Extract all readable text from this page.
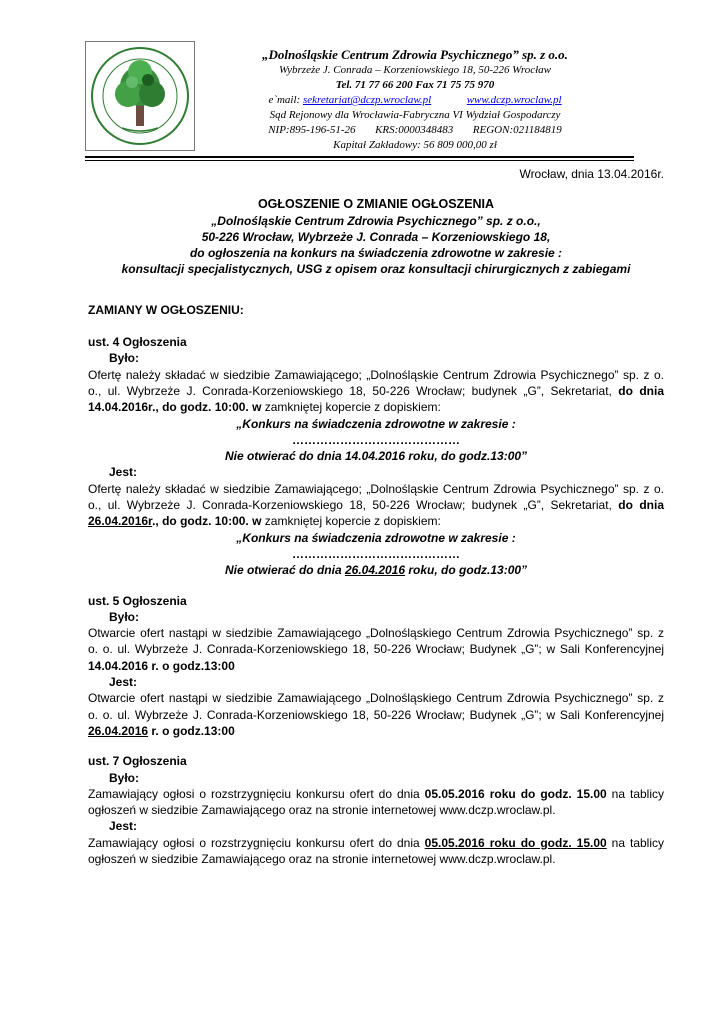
„Dolnośląskie Centrum Zdrowia Psychicznego” sp. z o.o.
Wybrzeże J. Conrada – Korzeniowskiego 18, 50-226 Wrocław
Tel. 71 77 66 200 Fax 71 75 75 970
e`mail: sekretariat@dczp.wroclaw.pl	www.dczp.wroclaw.pl
Sąd Rejonowy dla Wrocławia-Fabryczna VI Wydział Gospodarczy
NIP:895-196-51-26 KRS:0000348483 REGON:021184819
Kapitał Zakładowy: 56 809 000,00 zł

Wrocław, dnia 13.04.2016r.

OGŁOSZENIE O ZMIANIE OGŁOSZENIA

„Dolnośląskie Centrum Zdrowia Psychicznego” sp. z o.o.,

50-226 Wrocław, Wybrzeże J. Conrada – Korzeniowskiego 18,

do ogłoszenia na konkurs na świadczenia zdrowotne w zakresie :

konsultacji specjalistycznych, USG z opisem oraz konsultacji chirurgicznych z zabiegami

ZAMIANY W OGŁOSZENIU:

ust. 4 Ogłoszenia

Było:

Ofertę należy składać w siedzibie Zamawiającego; „Dolnośląskie Centrum Zdrowia Psychicznego” sp. z o.

o., ul. Wybrzeże J. Conrada-Korzeniowskiego 18, 50-226 Wrocław; budynek „G”, Sekretariat, do dnia

14.04.2016r., do godz. 10:00. w zamkniętej kopercie z dopiskiem:

„Konkurs na świadczenia zdrowotne w zakresie :

……………………………………

Nie otwierać do dnia 14.04.2016 roku, do godz.13:00”

Jest:

Ofertę należy składać w siedzibie Zamawiającego; „Dolnośląskie Centrum Zdrowia Psychicznego” sp. z o.

o., ul. Wybrzeże J. Conrada-Korzeniowskiego 18, 50-226 Wrocław; budynek „G”, Sekretariat, do dnia

26.04.2016r., do godz. 10:00. w zamkniętej kopercie z dopiskiem:

„Konkurs na świadczenia zdrowotne w zakresie :

……………………………………

Nie otwierać do dnia 26.04.2016 roku, do godz.13:00”

ust. 5 Ogłoszenia

Było:

Otwarcie ofert nastąpi w siedzibie Zamawiającego „Dolnośląskiego Centrum Zdrowia Psychicznego” sp. z

o. o. ul. Wybrzeże J. Conrada-Korzeniowskiego 18, 50-226 Wrocław; Budynek „G”; w Sali Konferencyjnej

14.04.2016 r. o godz.13:00

Jest:

Otwarcie ofert nastąpi w siedzibie Zamawiającego „Dolnośląskiego Centrum Zdrowia Psychicznego” sp. z

o. o. ul. Wybrzeże J. Conrada-Korzeniowskiego 18, 50-226 Wrocław; Budynek „G”; w Sali Konferencyjnej

26.04.2016 r. o godz.13:00

ust. 7 Ogłoszenia

Było:

Zamawiający ogłosi o rozstrzygnięciu konkursu ofert do dnia 05.05.2016 roku do godz. 15.00 na tablicy

ogłoszeń w siedzibie Zamawiającego oraz na stronie internetowej www.dczp.wroclaw.pl.

Jest:

Zamawiający ogłosi o rozstrzygnięciu konkursu ofert do dnia 05.05.2016 roku do godz. 15.00 na tablicy

ogłoszeń w siedzibie Zamawiającego oraz na stronie internetowej www.dczp.wroclaw.pl.
